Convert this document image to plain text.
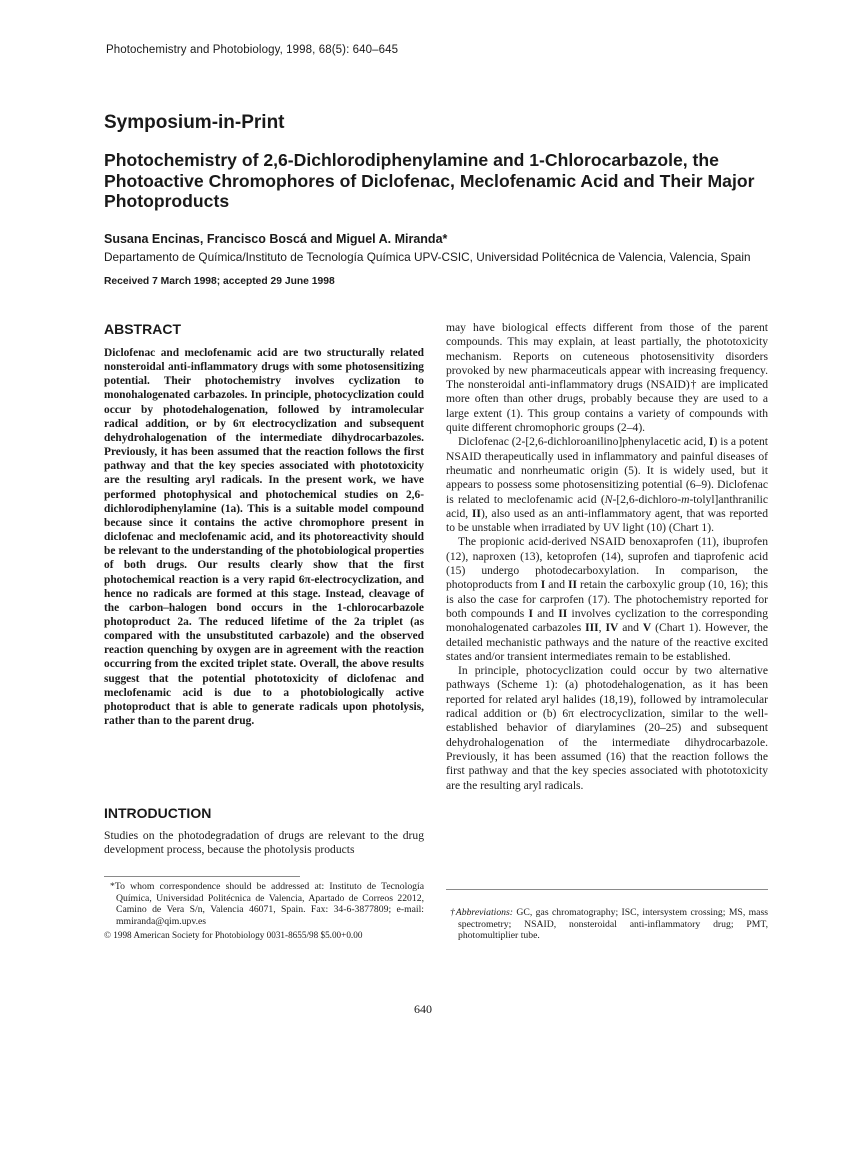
Photochemistry and Photobiology, 1998, 68(5): 640–645
Symposium-in-Print
Photochemistry of 2,6-Dichlorodiphenylamine and 1-Chlorocarbazole, the Photoactive Chromophores of Diclofenac, Meclofenamic Acid and Their Major Photoproducts
Susana Encinas, Francisco Boscá and Miguel A. Miranda*
Departamento de Química/Instituto de Tecnología Química UPV-CSIC, Universidad Politécnica de Valencia, Valencia, Spain
Received 7 March 1998; accepted 29 June 1998
ABSTRACT
Diclofenac and meclofenamic acid are two structurally related nonsteroidal anti-inflammatory drugs with some photosensitizing potential. Their photochemistry involves cyclization to monohalogenated carbazoles. In principle, photocyclization could occur by photodehalogenation, followed by intramolecular radical addition, or by 6π electrocyclization and subsequent dehydrohalogenation of the intermediate dihydrocarbazoles. Previously, it has been assumed that the reaction follows the first pathway and that the key species associated with phototoxicity are the resulting aryl radicals. In the present work, we have performed photophysical and photochemical studies on 2,6-dichlorodiphenylamine (1a). This is a suitable model compound because since it contains the active chromophore present in diclofenac and meclofenamic acid, and its photoreactivity should be relevant to the understanding of the photobiological properties of both drugs. Our results clearly show that the first photochemical reaction is a very rapid 6π-electrocyclization, and hence no radicals are formed at this stage. Instead, cleavage of the carbon–halogen bond occurs in the 1-chlorocarbazole photoproduct 2a. The reduced lifetime of the 2a triplet (as compared with the unsubstituted carbazole) and the observed reaction quenching by oxygen are in agreement with the reaction occurring from the excited triplet state. Overall, the above results suggest that the potential phototoxicity of diclofenac and meclofenamic acid is due to a photobiologically active photoproduct that is able to generate radicals upon photolysis, rather than to the parent drug.
INTRODUCTION
Studies on the photodegradation of drugs are relevant to the drug development process, because the photolysis products
*To whom correspondence should be addressed at: Instituto de Tecnología Química, Universidad Politécnica de Valencia, Apartado de Correos 22012, Camino de Vera S/n, Valencia 46071, Spain. Fax: 34-6-3877809; e-mail: mmiranda@qim.upv.es
© 1998 American Society for Photobiology 0031-8655/98 $5.00+0.00

may have biological effects different from those of the parent compounds. This may explain, at least partially, the phototoxicity mechanism. Reports on cuteneous photosensitivity disorders provoked by new pharmaceuticals appear with increasing frequency. The nonsteroidal anti-inflammatory drugs (NSAID)† are implicated more often than other drugs, probably because they are used to a large extent (1). This group contains a variety of compounds with quite different chromophoric groups (2–4).

Diclofenac (2-[2,6-dichloroanilino]phenylacetic acid, I) is a potent NSAID therapeutically used in inflammatory and painful diseases of rheumatic and nonrheumatic origin (5). It is widely used, but it appears to possess some photosensitizing potential (6–9). Diclofenac is related to meclofenamic acid (N-[2,6-dichloro-m-tolyl]anthranilic acid, II), also used as an anti-inflammatory agent, that was reported to be unstable when irradiated by UV light (10) (Chart 1).

The propionic acid-derived NSAID benoxaprofen (11), ibuprofen (12), naproxen (13), ketoprofen (14), suprofen and tiaprofenic acid (15) undergo photodecarboxylation. In comparison, the photoproducts from I and II retain the carboxylic group (10, 16); this is also the case for carprofen (17). The photochemistry reported for both compounds I and II involves cyclization to the corresponding monohalogenated carbazoles III, IV and V (Chart 1). However, the detailed mechanistic pathways and the nature of the reactive excited states and/or transient intermediates remain to be established.

In principle, photocyclization could occur by two alternative pathways (Scheme 1): (a) photodehalogenation, as it has been reported for related aryl halides (18,19), followed by intramolecular radical addition or (b) 6π electrocyclization, similar to the well-established behavior of diarylamines (20–25) and subsequent dehydrohalogenation of the intermediate dihydrocarbazole. Previously, it has been assumed (16) that the reaction follows the first pathway and that the key species associated with phototoxicity are the resulting aryl radicals.

†Abbreviations: GC, gas chromatography; ISC, intersystem crossing; MS, mass spectrometry; NSAID, nonsteroidal anti-inflammatory drug; PMT, photomultiplier tube.
640
